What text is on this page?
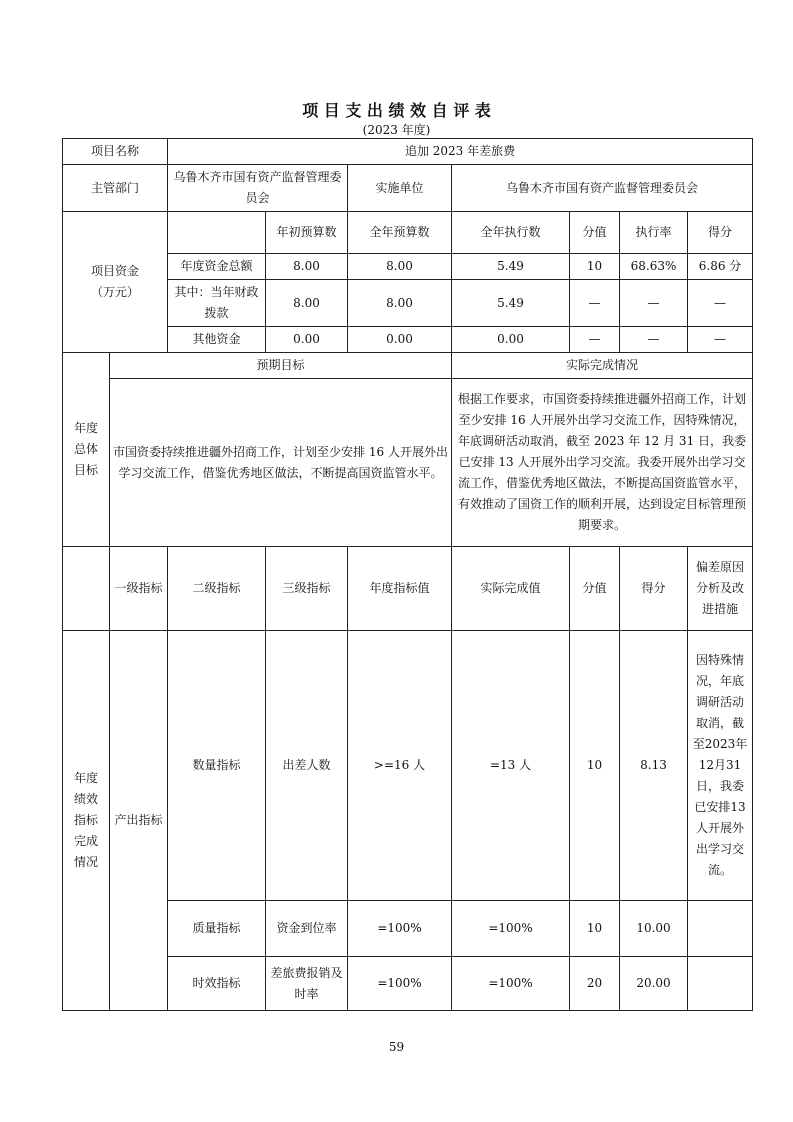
项 目 支 出 绩 效 自 评 表
(2023 年度)
项目名称		追加 2023 年差旅费						
主管部门		乌鲁木齐市国有资产监督管理委员会		实施单位	乌鲁木齐市国有资产监督管理委员会			
项目资金
（万元）			年初预算数	全年预算数	全年执行数	分值	执行率	得分
		年度资金总额	8.00	8.00	5.49	10	68.63%	6.86 分
		其中：当年财政拨款	8.00	8.00	5.49	—	—	—
		其他资金	0.00	0.00	0.00	—	—	—
年度
总体
目标	预期目标				实际完成情况			
	市国资委持续推进疆外招商工作，计划至少安排 16 人开展外出学习交流工作，借鉴优秀地区做法，不断提高国资监管水平。				根据工作要求，市国资委持续推进疆外招商工作，计划至少安排 16 人开展外出学习交流工作，因特殊情况，年底调研活动取消，截至 2023 年 12 月 31 日，我委已安排 13 人开展外出学习交流。我委开展外出学习交流工作，借鉴优秀地区做法，不断提高国资监管水平，有效推动了国资工作的顺利开展，达到设定目标管理预期要求。			
	一级指标	二级指标	三级指标	年度指标值	实际完成值	分值	得分	偏差原因分析及改进措施
年度
绩效
指标
完成
情况	产出指标	数量指标	出差人数	>=16 人	=13 人	10	8.13	因特殊情况，年底调研活动取消，截至2023年12月31日，我委已安排13人开展外出学习交流。
		质量指标	资金到位率	=100%	=100%	10	10.00	
		时效指标	差旅费报销及时率	=100%	=100%	20	20.00	
59
